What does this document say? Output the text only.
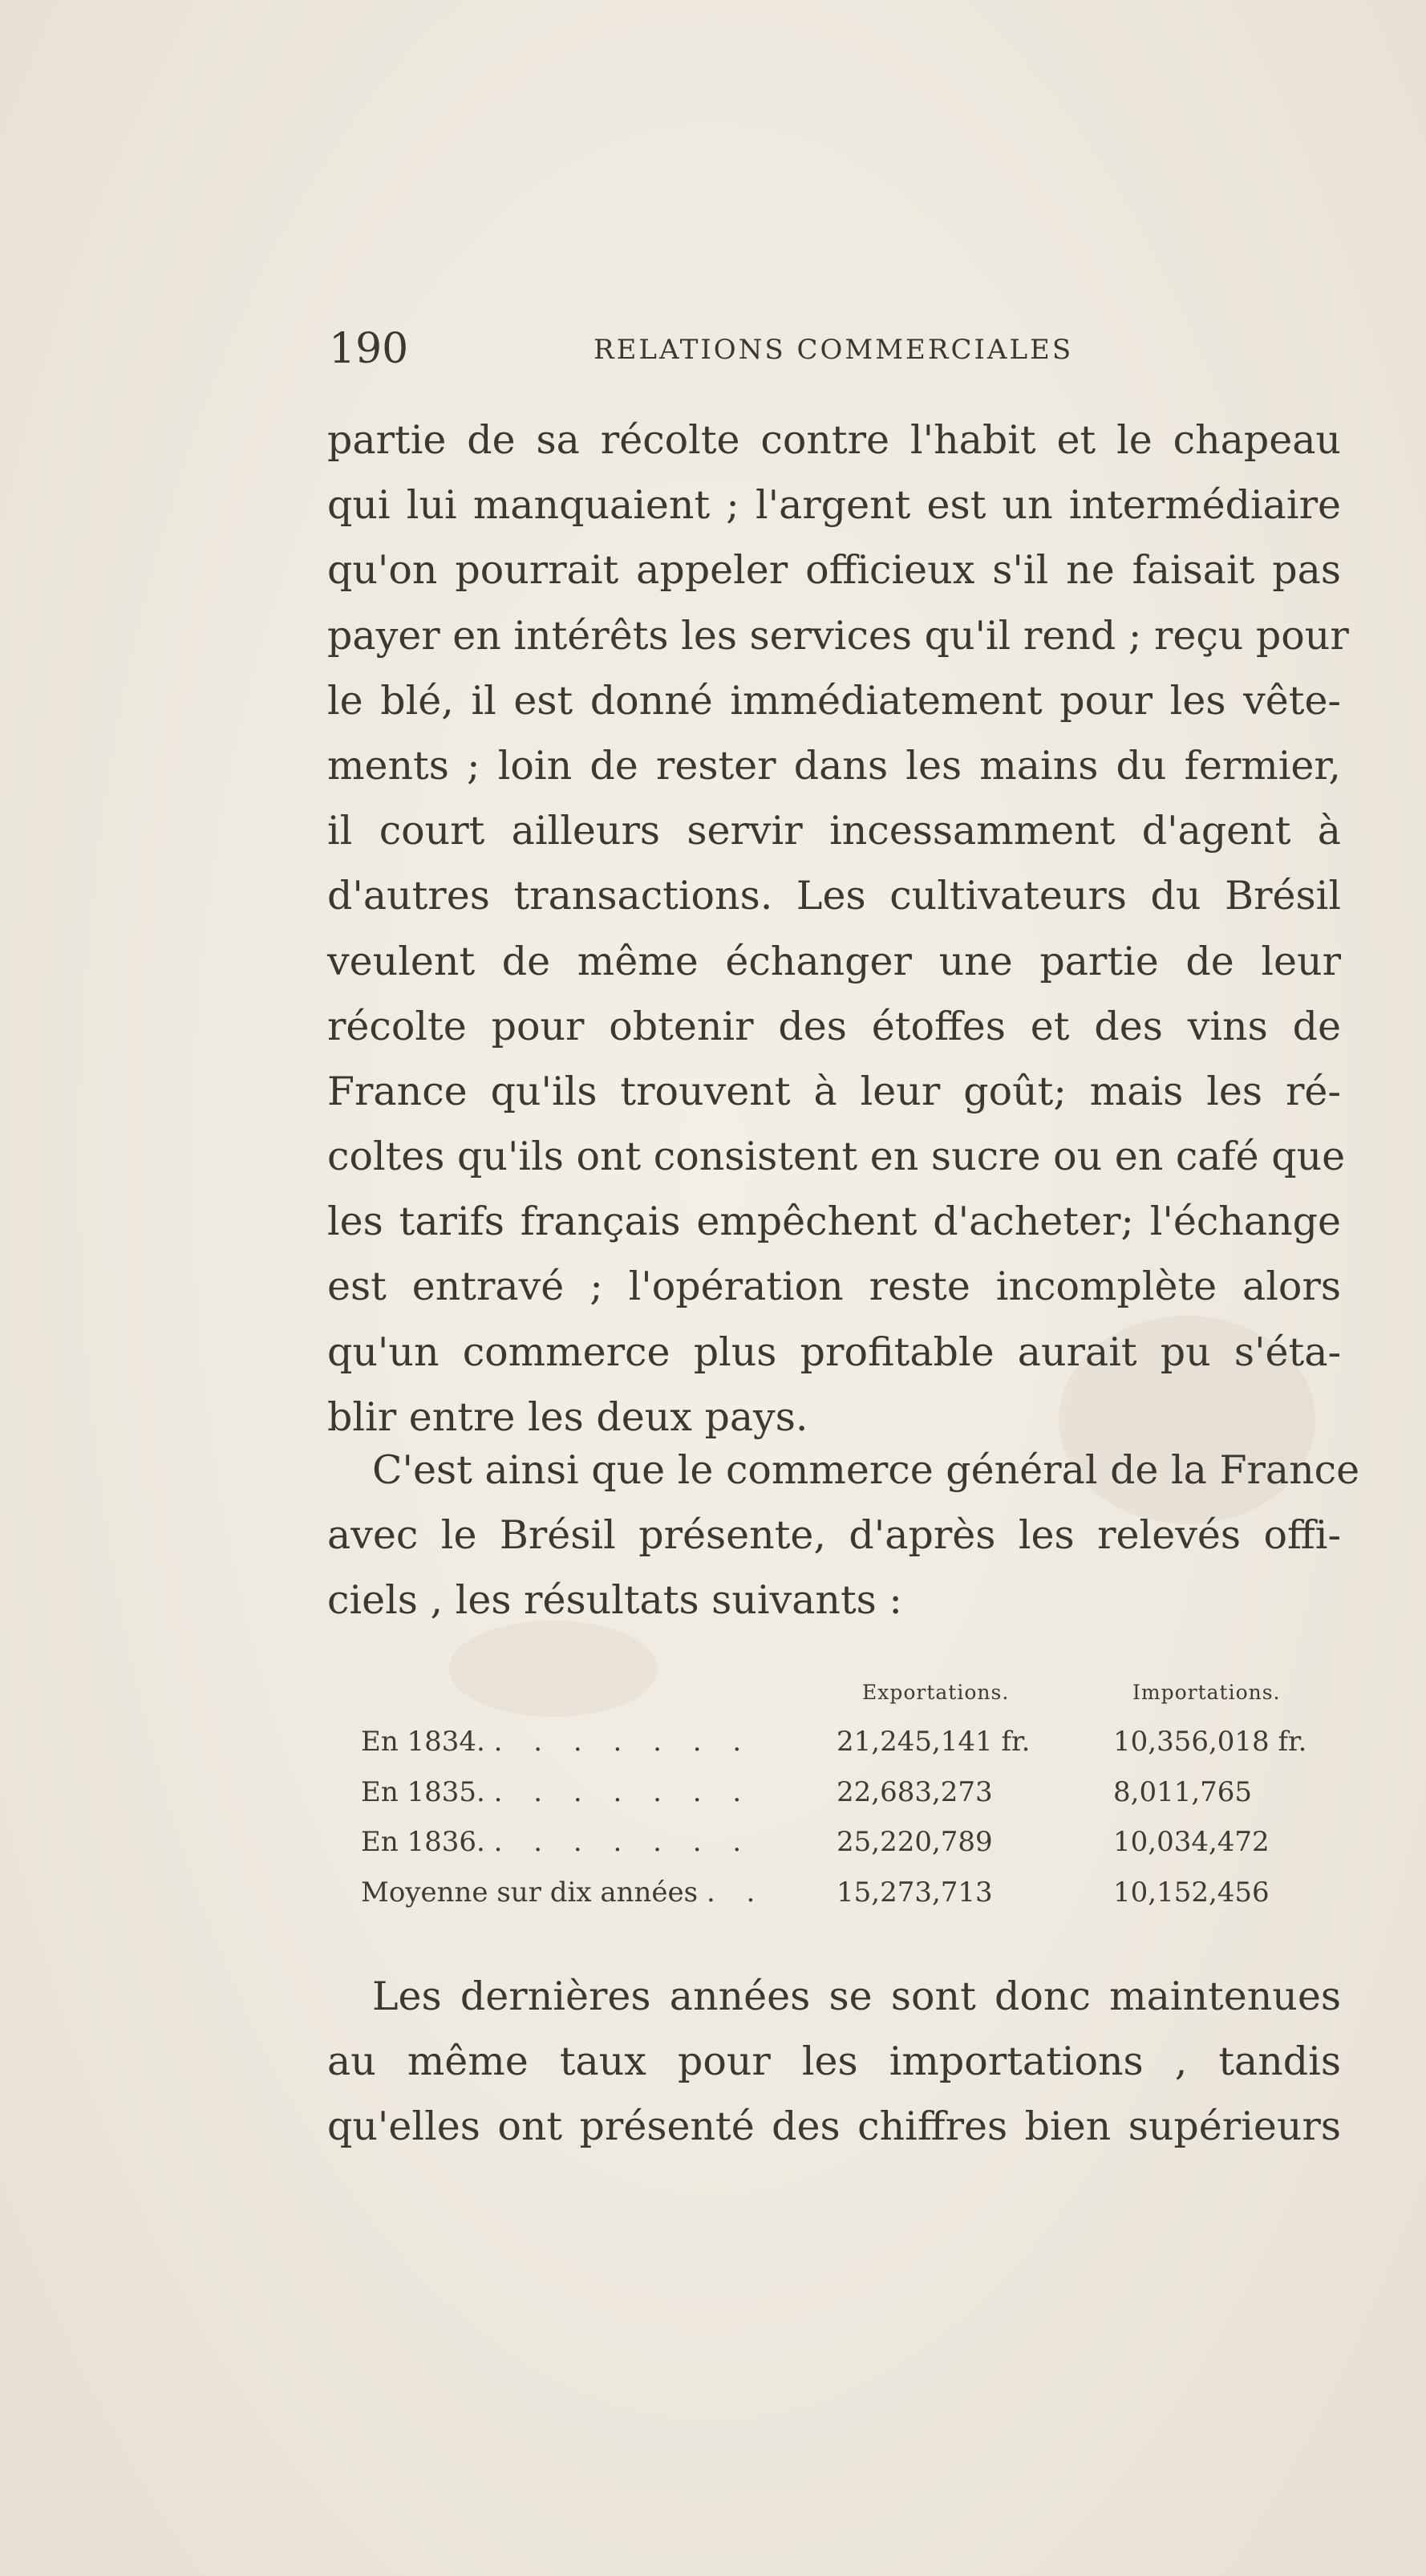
190	RELATIONS COMMERCIALES
partie de sa récolte contre l'habit et le chapeau
qui lui manquaient ; l'argent est un intermédiaire
qu'on pourrait appeler officieux s'il ne faisait pas
payer en intérêts les services qu'il rend ; reçu pour
le blé, il est donné immédiatement pour les vête-
ments ; loin de rester dans les mains du fermier,
il court ailleurs servir incessamment d'agent à
d'autres transactions. Les cultivateurs du Brésil
veulent de même échanger une partie de leur
récolte pour obtenir des étoffes et des vins de
France qu'ils trouvent à leur goût; mais les ré-
coltes qu'ils ont consistent en sucre ou en café que
les tarifs français empêchent d'acheter; l'échange
est entravé ; l'opération reste incomplète alors
qu'un commerce plus profitable aurait pu s'éta-
blir entre les deux pays.
C'est ainsi que le commerce général de la France
avec le Brésil présente, d'après les relevés offi-
ciels , les résultats suivants :
Exportations.	Importations.
En 1834. . . . . . . .	21,245,141 fr.	10,356,018 fr.
En 1835. . . . . . . .	22,683,273	8,011,765
En 1836. . . . . . . .	25,220,789	10,034,472
Moyenne sur dix années . .	15,273,713	10,152,456
Les dernières années se sont donc maintenues
au même taux pour les importations , tandis
qu'elles ont présenté des chiffres bien supérieurs
